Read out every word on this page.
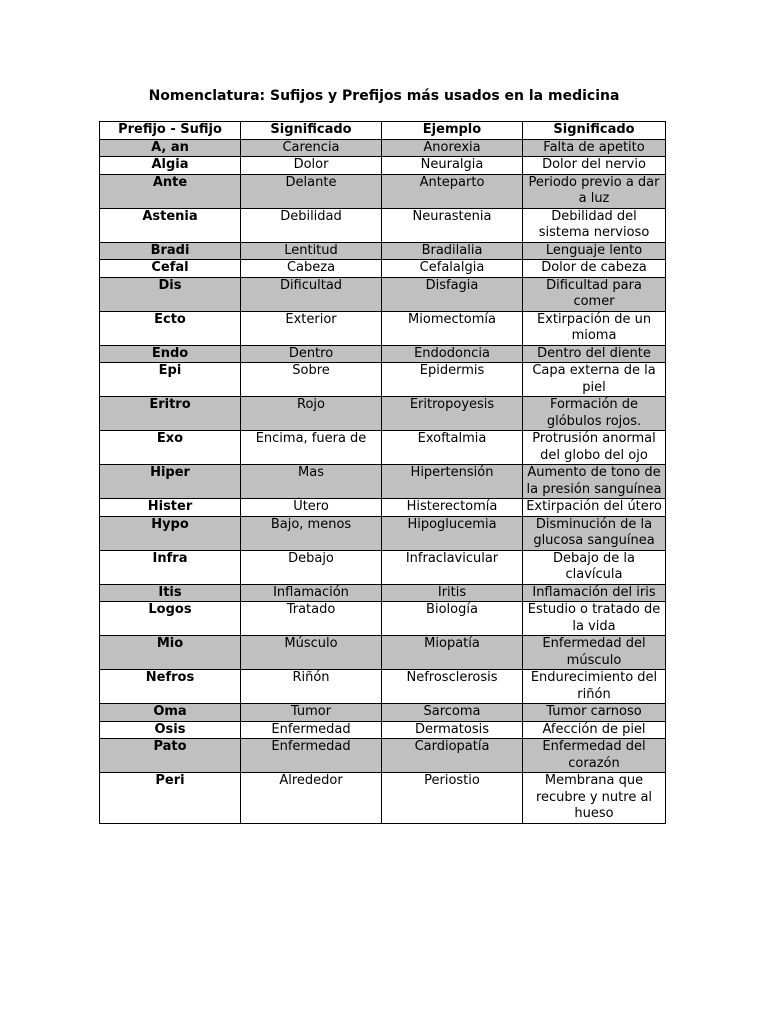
Nomenclatura: Sufijos y Prefijos más usados en la medicina
Prefijo - Sufijo	Significado	Ejemplo	Significado
A, an	Carencia	Anorexia	Falta de apetito
Algia	Dolor	Neuralgia	Dolor del nervio
Ante	Delante	Anteparto	Periodo previo a dar a luz
Astenia	Debilidad	Neurastenia	Debilidad del sistema nervioso
Bradi	Lentitud	Bradilalia	Lenguaje lento
Cefal	Cabeza	Cefalalgia	Dolor de cabeza
Dis	Dificultad	Disfagia	Dificultad para comer
Ecto	Exterior	Miomectomía	Extirpación de un mioma
Endo	Dentro	Endodoncia	Dentro del diente
Epi	Sobre	Epidermis	Capa externa de la piel
Eritro	Rojo	Eritropoyesis	Formación de glóbulos rojos.
Exo	Encima, fuera de	Exoftalmia	Protrusión anormal del globo del ojo
Hiper	Mas	Hipertensión	Aumento de tono de la presión sanguínea
Hister	Útero	Histerectomía	Extirpación del útero
Hypo	Bajo, menos	Hipoglucemia	Disminución de la glucosa sanguínea
Infra	Debajo	Infraclavicular	Debajo de la clavícula
Itis	Inflamación	Iritis	Inflamación del iris
Logos	Tratado	Biología	Estudio o tratado de la vida
Mio	Músculo	Miopatía	Enfermedad del músculo
Nefros	Riñón	Nefrosclerosis	Endurecimiento del riñón
Oma	Tumor	Sarcoma	Tumor carnoso
Osis	Enfermedad	Dermatosis	Afección de piel
Pato	Enfermedad	Cardiopatía	Enfermedad del corazón
Peri	Alrededor	Periostio	Membrana que recubre y nutre al hueso
